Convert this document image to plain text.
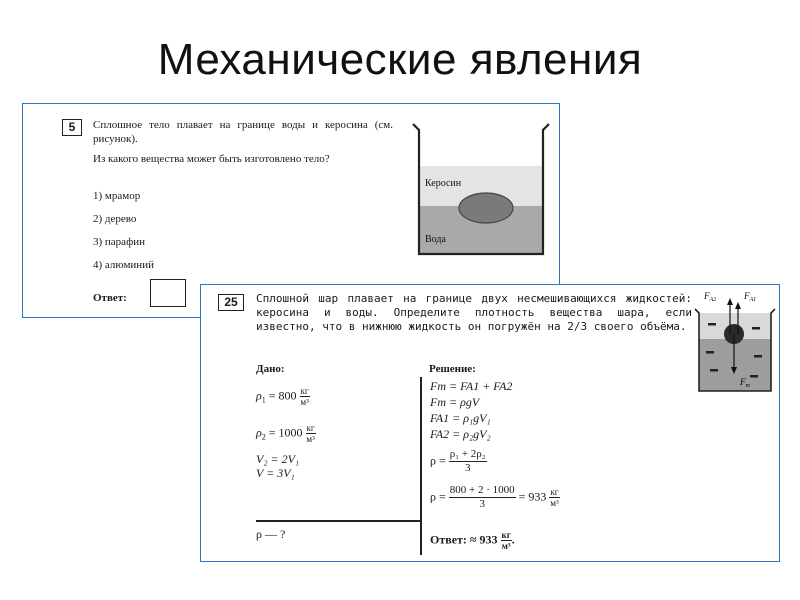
Механические явления
5	Сплошное тело плавает на границе воды и керосина (см. рисунок).
Из какого вещества может быть изготовлено тело?
1) мрамор
2) дерево
3) парафин
4) алюминий
Ответ:
Керосин
Вода
25	Сплошной шар плавает на границе двух несмешивающихся жидкостей: керосина и воды. Определите плотность вещества шара, если известно, что в нижнюю жидкость он погружён на 2/3 своего объёма.
$F_{A2}$	$F_{A1}$
$F_т$
Дано:	Решение:
$\rho_1 = 800 \frac{кг}{\text{м³}}$
$\rho_2 = 1000 \frac{кг}{\text{м³}}$
V₂ = 2V₁
V = 3V₁
ρ — ?
Fт = FA1 + FA2
Fт = ρgV
FA1 = ρ₁gV₁
FA2 = ρ₂gV₂
$\rho = \frac{\text{ρ₁ + 2ρ₂}}{3}$
$\rho = \frac{800 + 2 \cdot 1000}{3} = 933 \frac{кг}{\text{м³}}$
Ответ: ≈ $933 \frac{кг}{\text{м³}}$ .
